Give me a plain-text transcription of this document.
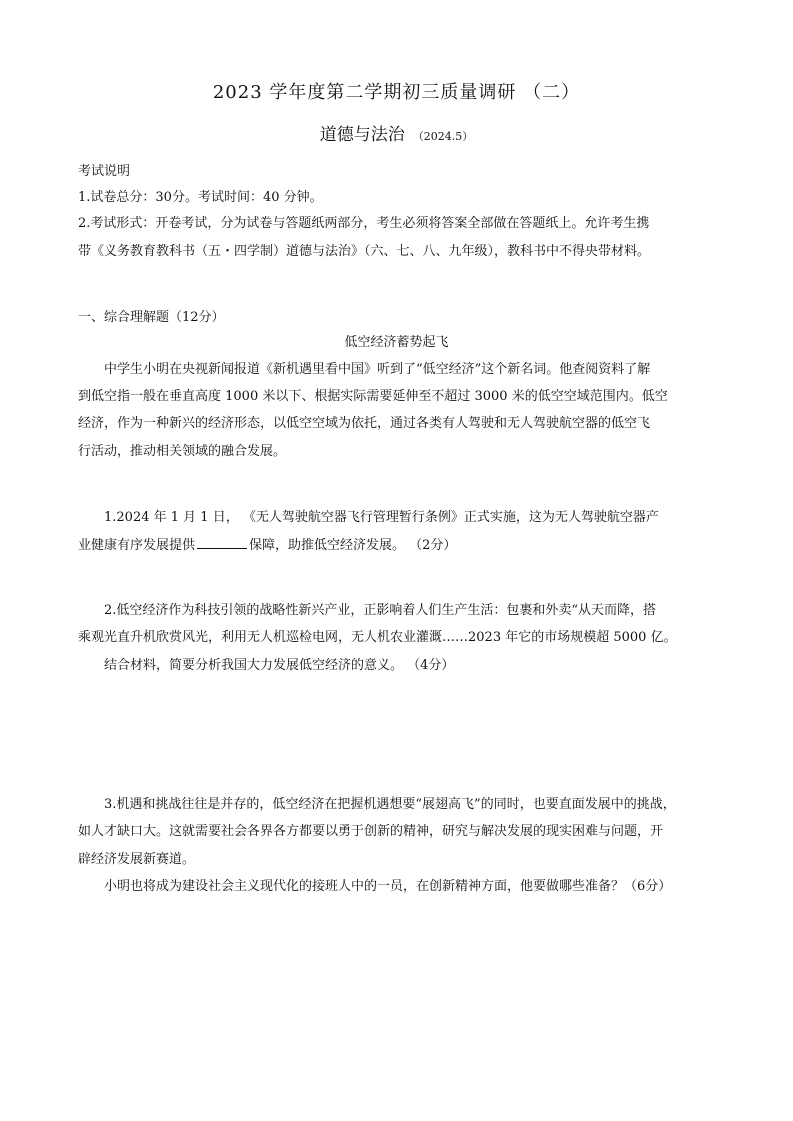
2023 学年度第二学期初三质量调研 （二）
道德与法治 （2024.5）
考试说明
1.试卷总分：30分。考试时间：40 分钟。
2.考试形式：开卷考试，分为试卷与答题纸两部分，考生必须将答案全部做在答题纸上。允许考生携
带《义务教育教科书（五・四学制）道德与法治》（六、七、八、九年级），教科书中不得央带材料。
一、综合理解题（12分）
低空经济蓄势起飞
中学生小明在央视新闻报道《新机遇里看中国》听到了“低空经济”这个新名词。他查阅资料了解
到低空指一般在垂直高度 1000 米以下、根据实际需要延伸至不超过 3000 米的低空空域范围内。低空
经济，作为一种新兴的经济形态，以低空空域为依托，通过各类有人驾驶和无人驾驶航空器的低空飞
行活动，推动相关领域的融合发展。
1.2024 年 1 月 1 日， 《无人驾驶航空器飞行管理暂行条例》正式实施，这为无人驾驶航空器产
业健康有序发展提供	保障，助推低空经济发展。 （2分）
2.低空经济作为科技引领的战略性新兴产业，正影响着人们生产生活：包裹和外卖“从天而降，搭
乘观光直升机欣赏风光，利用无人机巡检电网，无人机农业灌溉……2023 年它的市场规模超 5000 亿。
结合材料，简要分析我国大力发展低空经济的意义。 （4分）
3.机遇和挑战往往是并存的，低空经济在把握机遇想要“展翅高飞”的同时，也要直面发展中的挑战，
如人才缺口大。这就需要社会各界各方都要以勇于创新的精神，研究与解决发展的现实困难与问题，开
辟经济发展新赛道。
小明也将成为建设社会主义现代化的接班人中的一员，在创新精神方面，他要做哪些准备？（6分）
